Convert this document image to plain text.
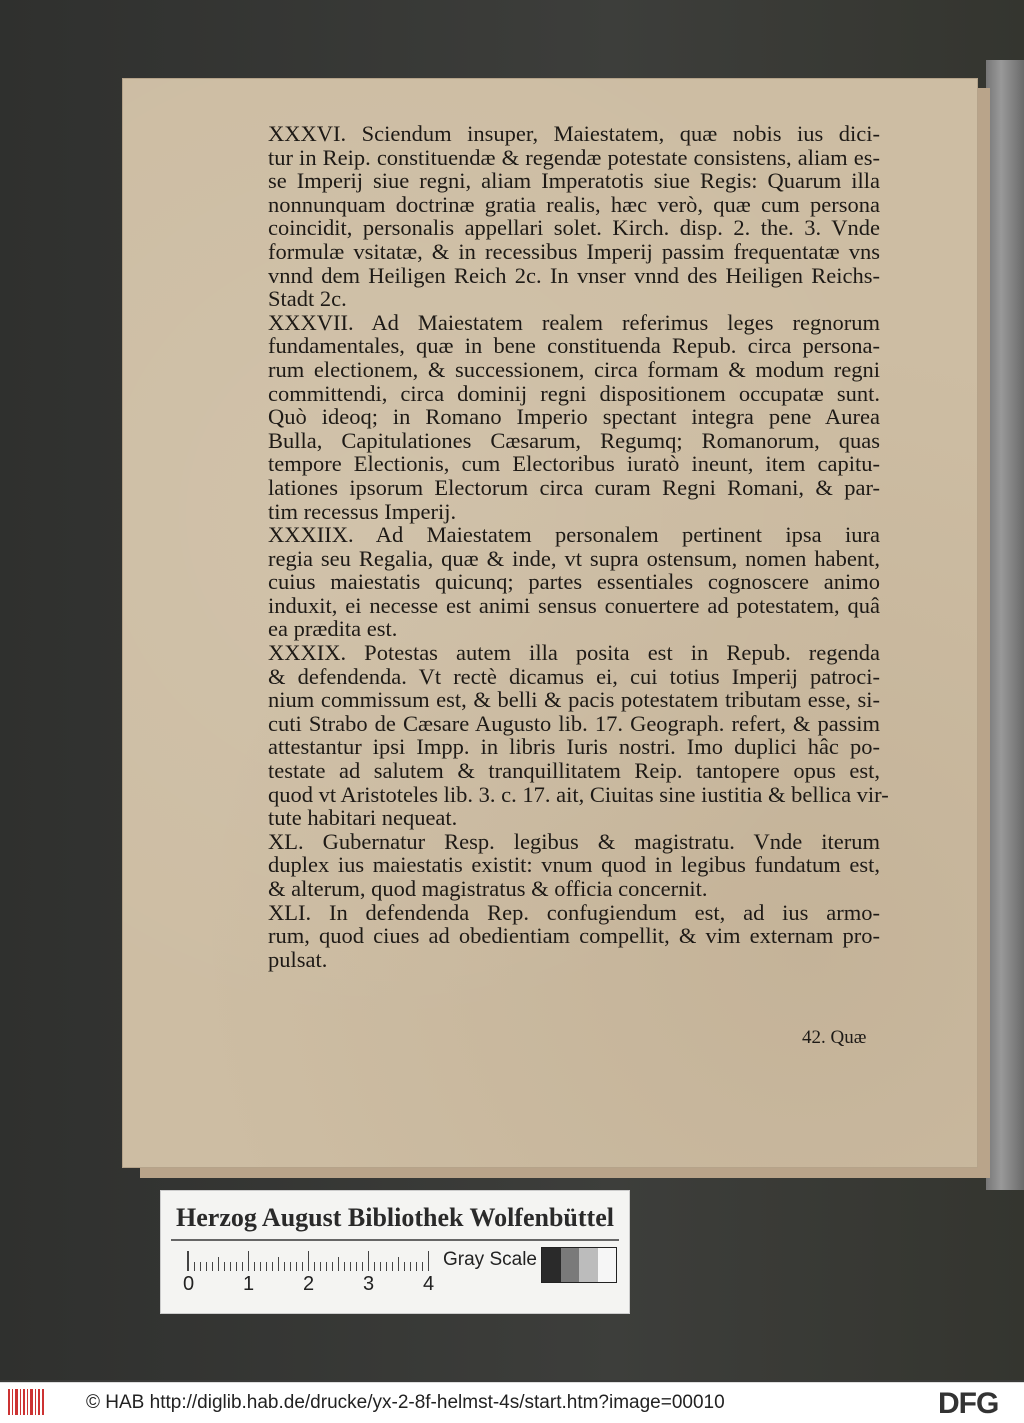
XXXVI. Sciendum insuper, Maiestatem, quæ nobis ius dici-
tur in Reip. constituendæ & regendæ potestate consistens, aliam es-
se Imperij siue regni, aliam Imperatotis siue Regis: Quarum illa
nonnunquam doctrinæ gratia realis, hæc verò, quæ cum persona
coincidit, personalis appellari solet. Kirch. disp. 2. the. 3. Vnde
formulæ vsitatæ, & in recessibus Imperij passim frequentatæ vns
vnnd dem Heiligen Reich 2c. In vnser vnnd des Heiligen Reichs-
Stadt 2c.
XXXVII. Ad Maiestatem realem referimus leges regnorum
fundamentales, quæ in bene constituenda Repub. circa persona-
rum electionem, & successionem, circa formam & modum regni
committendi, circa dominij regni dispositionem occupatæ sunt.
Quò ideoq; in Romano Imperio spectant integra pene Aurea
Bulla, Capitulationes Cæsarum, Regumq; Romanorum, quas
tempore Electionis, cum Electoribus iuratò ineunt, item capitu-
lationes ipsorum Electorum circa curam Regni Romani, & par-
tim recessus Imperij.
XXXIIX. Ad Maiestatem personalem pertinent ipsa iura
regia seu Regalia, quæ & inde, vt supra ostensum, nomen habent,
cuius maiestatis quicunq; partes essentiales cognoscere animo
induxit, ei necesse est animi sensus conuertere ad potestatem, quâ
ea prædita est.
XXXIX. Potestas autem illa posita est in Repub. regenda
& defendenda. Vt rectè dicamus ei, cui totius Imperij patroci-
nium commissum est, & belli & pacis potestatem tributam esse, si-
cuti Strabo de Cæsare Augusto lib. 17. Geograph. refert, & passim
attestantur ipsi Impp. in libris Iuris nostri. Imo duplici hâc po-
testate ad salutem & tranquillitatem Reip. tantopere opus est,
quod vt Aristoteles lib. 3. c. 17. ait, Ciuitas sine iustitia & bellica vir-
tute habitari nequeat.
XL. Gubernatur Resp. legibus & magistratu. Vnde iterum
duplex ius maiestatis existit: vnum quod in legibus fundatum est,
& alterum, quod magistratus & officia concernit.
XLI. In defendenda Rep. confugiendum est, ad ius armo-
rum, quod ciues ad obedientiam compellit, & vim externam pro-
pulsat.
42. Quæ
Herzog August Bibliothek Wolfenbüttel
0 1 2 3 4
Gray Scale
© HAB http://diglib.hab.de/drucke/yx-2-8f-helmst-4s/start.htm?image=00010	DFG
